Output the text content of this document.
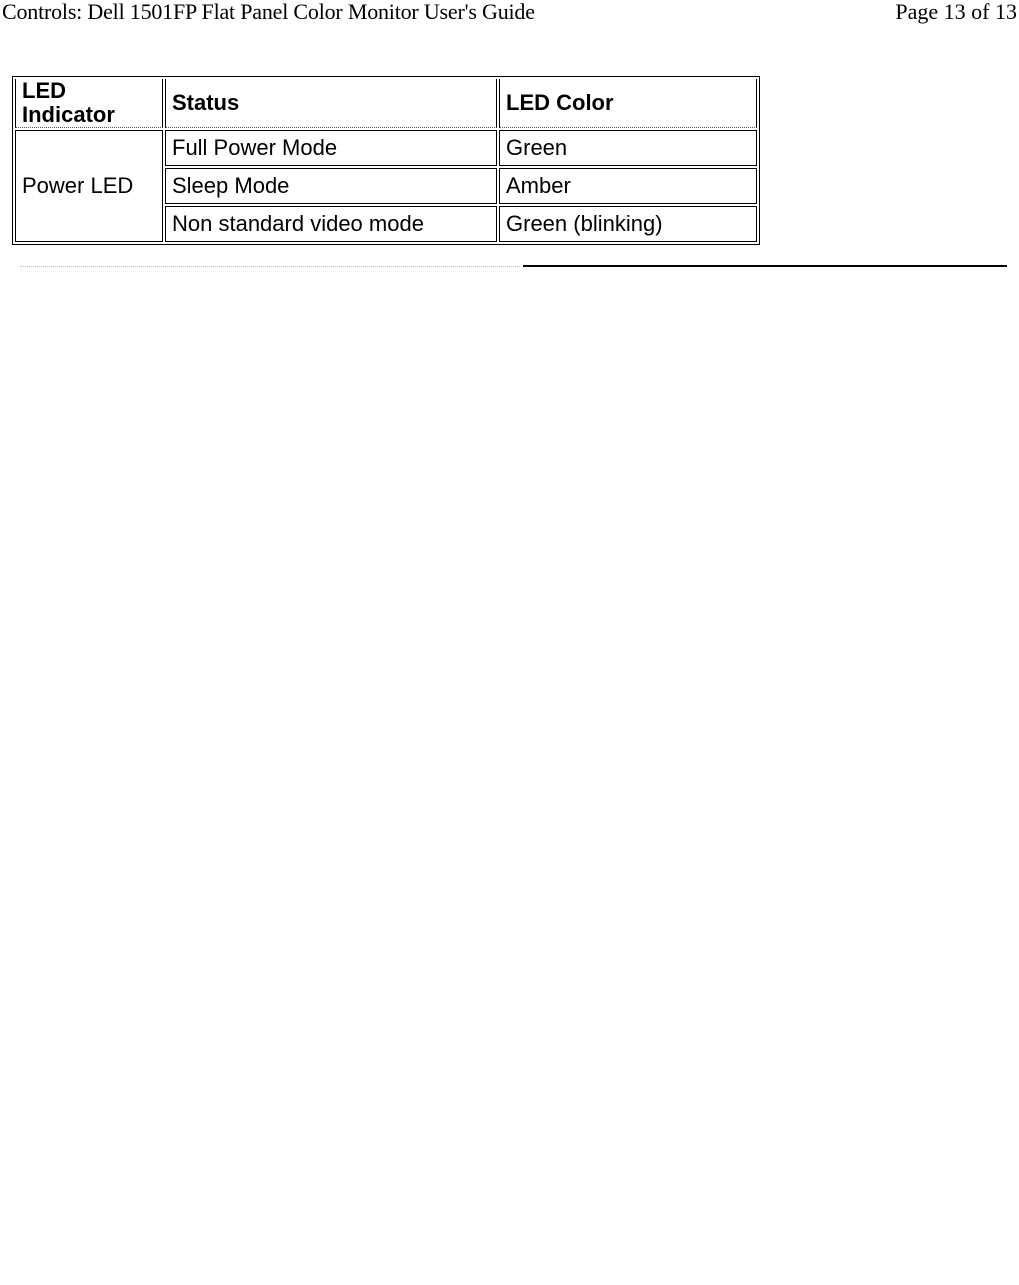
Controls: Dell 1501FP Flat Panel Color Monitor User's Guide	Page 13 of 13
LED Indicator	Status	LED Color
Power LED	Full Power Mode	Green
	Sleep Mode	Amber
	Non standard video mode	Green (blinking)
